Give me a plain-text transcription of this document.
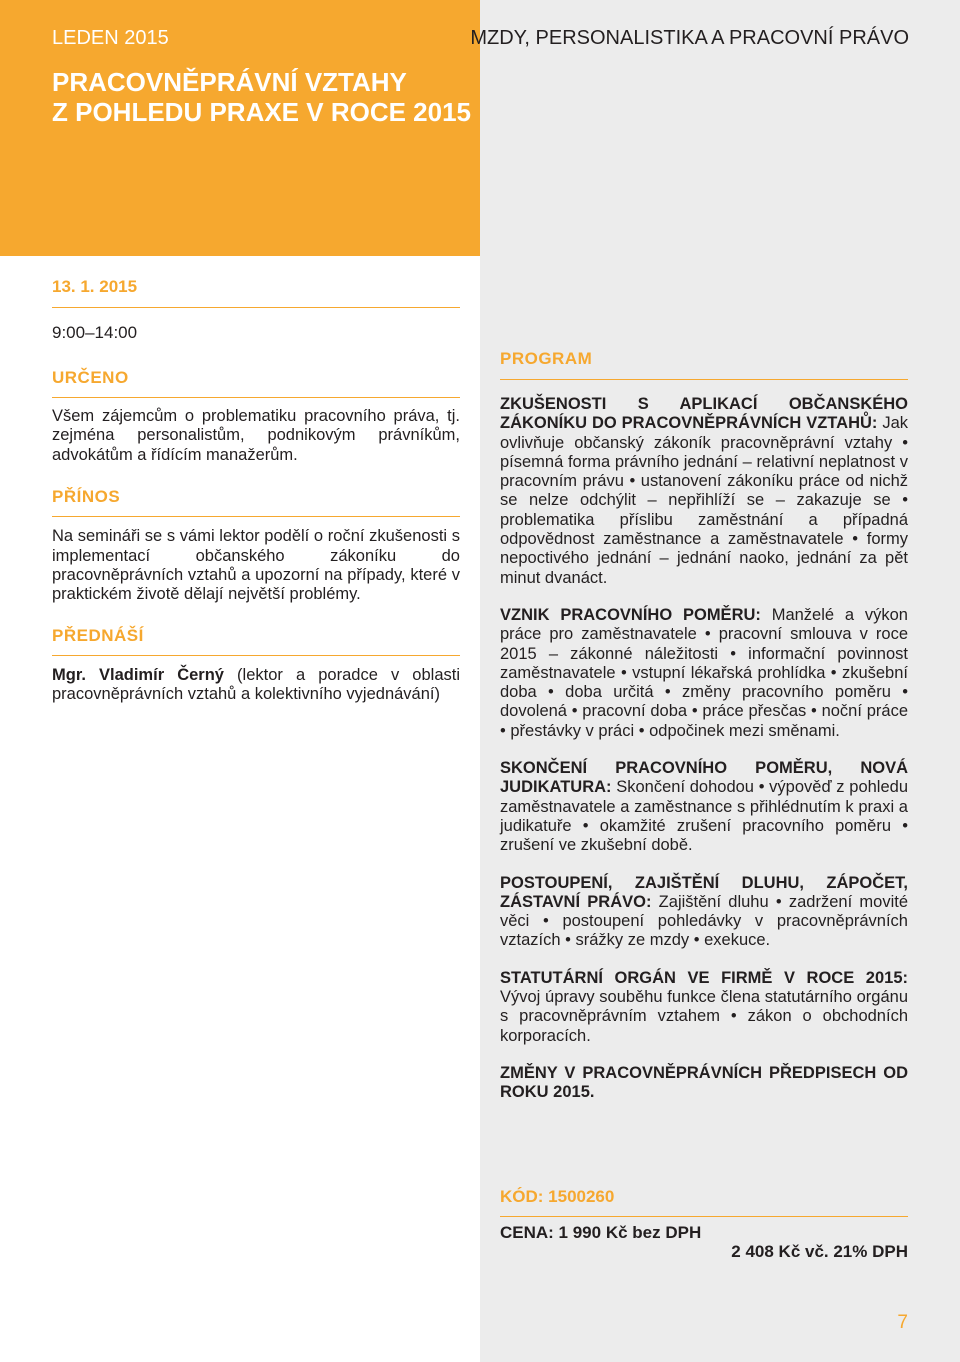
LEDEN 2015	MZDY, PERSONALISTIKA A PRACOVNÍ PRÁVO
PRACOVNĚPRÁVNÍ VZTAHY
Z POHLEDU PRAXE V ROCE 2015
13. 1. 2015
9:00–14:00
URČENO

Všem zájemcům o problematiku pracovního práva, tj. zejména personalistům, podnikovým právníkům, advokátům a řídícím manažerům.

PŘÍNOS

Na semináři se s vámi lektor podělí o roční zkušenosti s implementací občanského zákoníku do pracovněprávních vztahů a upozorní na případy, které v praktickém životě dělají největší problémy.

PŘEDNÁŠÍ

Mgr. Vladimír Černý (lektor a poradce v oblasti pracovněprávních vztahů a kolektivního vyjednávání)

PROGRAM

ZKUŠENOSTI S APLIKACÍ OBČANSKÉHO ZÁKONÍKU DO PRACOVNĚPRÁVNÍCH VZTAHŮ: Jak ovlivňuje občanský zákoník pracovněprávní vztahy • písemná forma právního jednání – relativní neplatnost v pracovním právu • ustanovení zákoníku práce od nichž se nelze odchýlit – nepřihlíží se – zakazuje se • problematika příslibu zaměstnání a případná odpovědnost zaměstnance a zaměstnavatele • formy nepoctivého jednání – jednání naoko, jednání za pět minut dvanáct.

VZNIK PRACOVNÍHO POMĚRU: Manželé a výkon práce pro zaměstnavatele • pracovní smlouva v roce 2015 – zákonné náležitosti • informační povinnost zaměstnavatele • vstupní lékařská prohlídka • zkušební doba • doba určitá • změny pracovního poměru • dovolená • pracovní doba • práce přesčas • noční práce • přestávky v práci • odpočinek mezi směnami.

SKONČENÍ PRACOVNÍHO POMĚRU, NOVÁ JUDIKATURA: Skončení dohodou • výpověď z pohledu zaměstnavatele a zaměstnance s přihlédnutím k praxi a judikatuře • okamžité zrušení pracovního poměru • zrušení ve zkušební době.

POSTOUPENÍ, ZAJIŠTĚNÍ DLUHU, ZÁPOČET, ZÁSTAVNÍ PRÁVO: Zajištění dluhu • zadržení movité věci • postoupení pohledávky v pracovněprávních vztazích • srážky ze mzdy • exekuce.

STATUTÁRNÍ ORGÁN VE FIRMĚ V ROCE 2015: Vývoj úpravy souběhu funkce člena statutárního orgánu s pracovněprávním vztahem • zákon o obchodních korporacích.

ZMĚNY V PRACOVNĚPRÁVNÍCH PŘEDPISECH OD ROKU 2015.

KÓD: 1500260
CENA: 1 990 Kč bez DPH
2 408 Kč vč. 21% DPH
7
